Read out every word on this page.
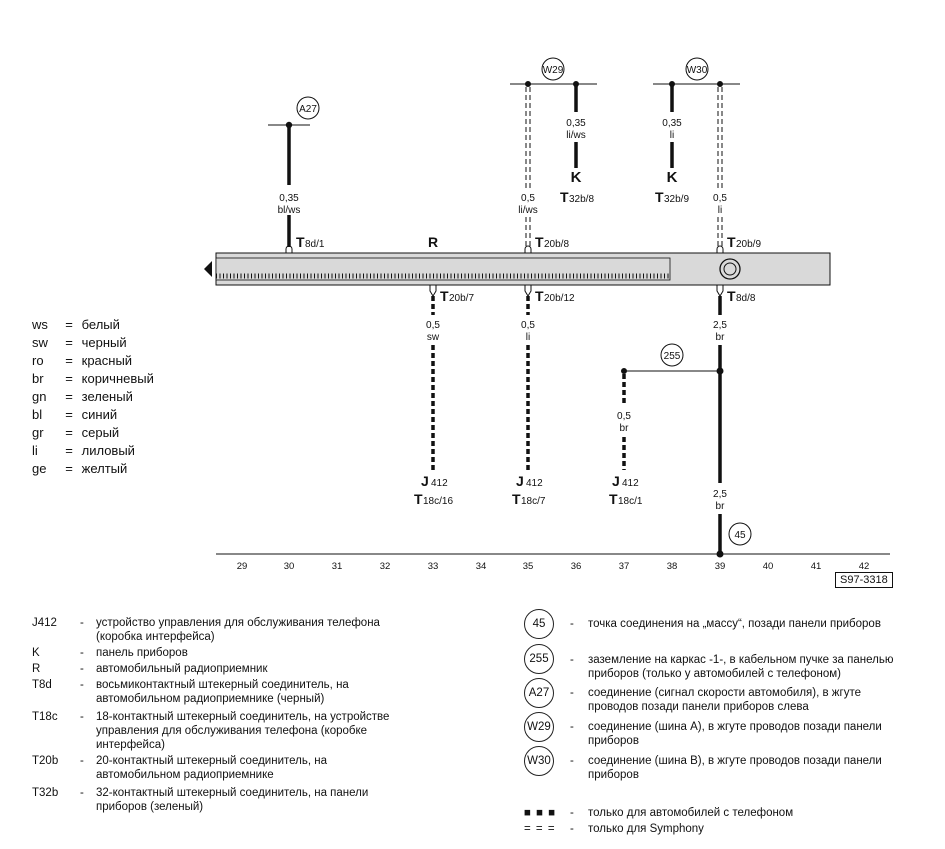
A27
0,35
bl/ws
W29
0,35
li/ws
K
T 32b/8
0,5
li/ws
W30
0,35
li
K
T 32b/9 0,5
li
R
T 8d/1	T 20b/8	T 20b/9
T 20b/7	T 20b/12	T 8d/8
0,5
sw
J 412
T 18c/16
0,5
li
J 412
T 18c/7
255
0,5
br
J 412
T 18c/1
2,5
br
2,5
br
45
29	30	31	32	33	34	35	36	37	38	39	40	41	42
S97-3318
ws = белый
sw = черный
ro = красный
br = коричневый
gn = зеленый
bl = синий
gr = серый
li = лиловый
ge = желтый
J412 - устройство управления для обслуживания телефона
(коробка интерфейса)
K	- панель приборов
R	- автомобильный радиоприемник
T8d - восьмиконтактный штекерный соединитель, на
автомобильном радиоприемнике (черный)
T18c - 18-контактный штекерный соединитель, на устройстве
управления для обслуживания телефона (коробке
интерфейса)
T20b - 20-контактный штекерный соединитель, на
автомобильном радиоприемнике
T32b - 32-контактный штекерный соединитель, на панели
приборов (зеленый)
45	- точка соединения на „массу“, позади панели приборов
255	- заземление на каркас -1-, в кабельном пучке за панелью
приборов (только у автомобилей с телефоном)
A27	- соединение (сигнал скорости автомобиля), в жгуте
проводов позади панели приборов слева
W29 - соединение (шина A), в жгуте проводов позади панели
приборов
W30 - соединение (шина B), в жгуте проводов позади панели
приборов
■ ■ ■ - только для автомобилей с телефоном
= = = - только для Symphony
